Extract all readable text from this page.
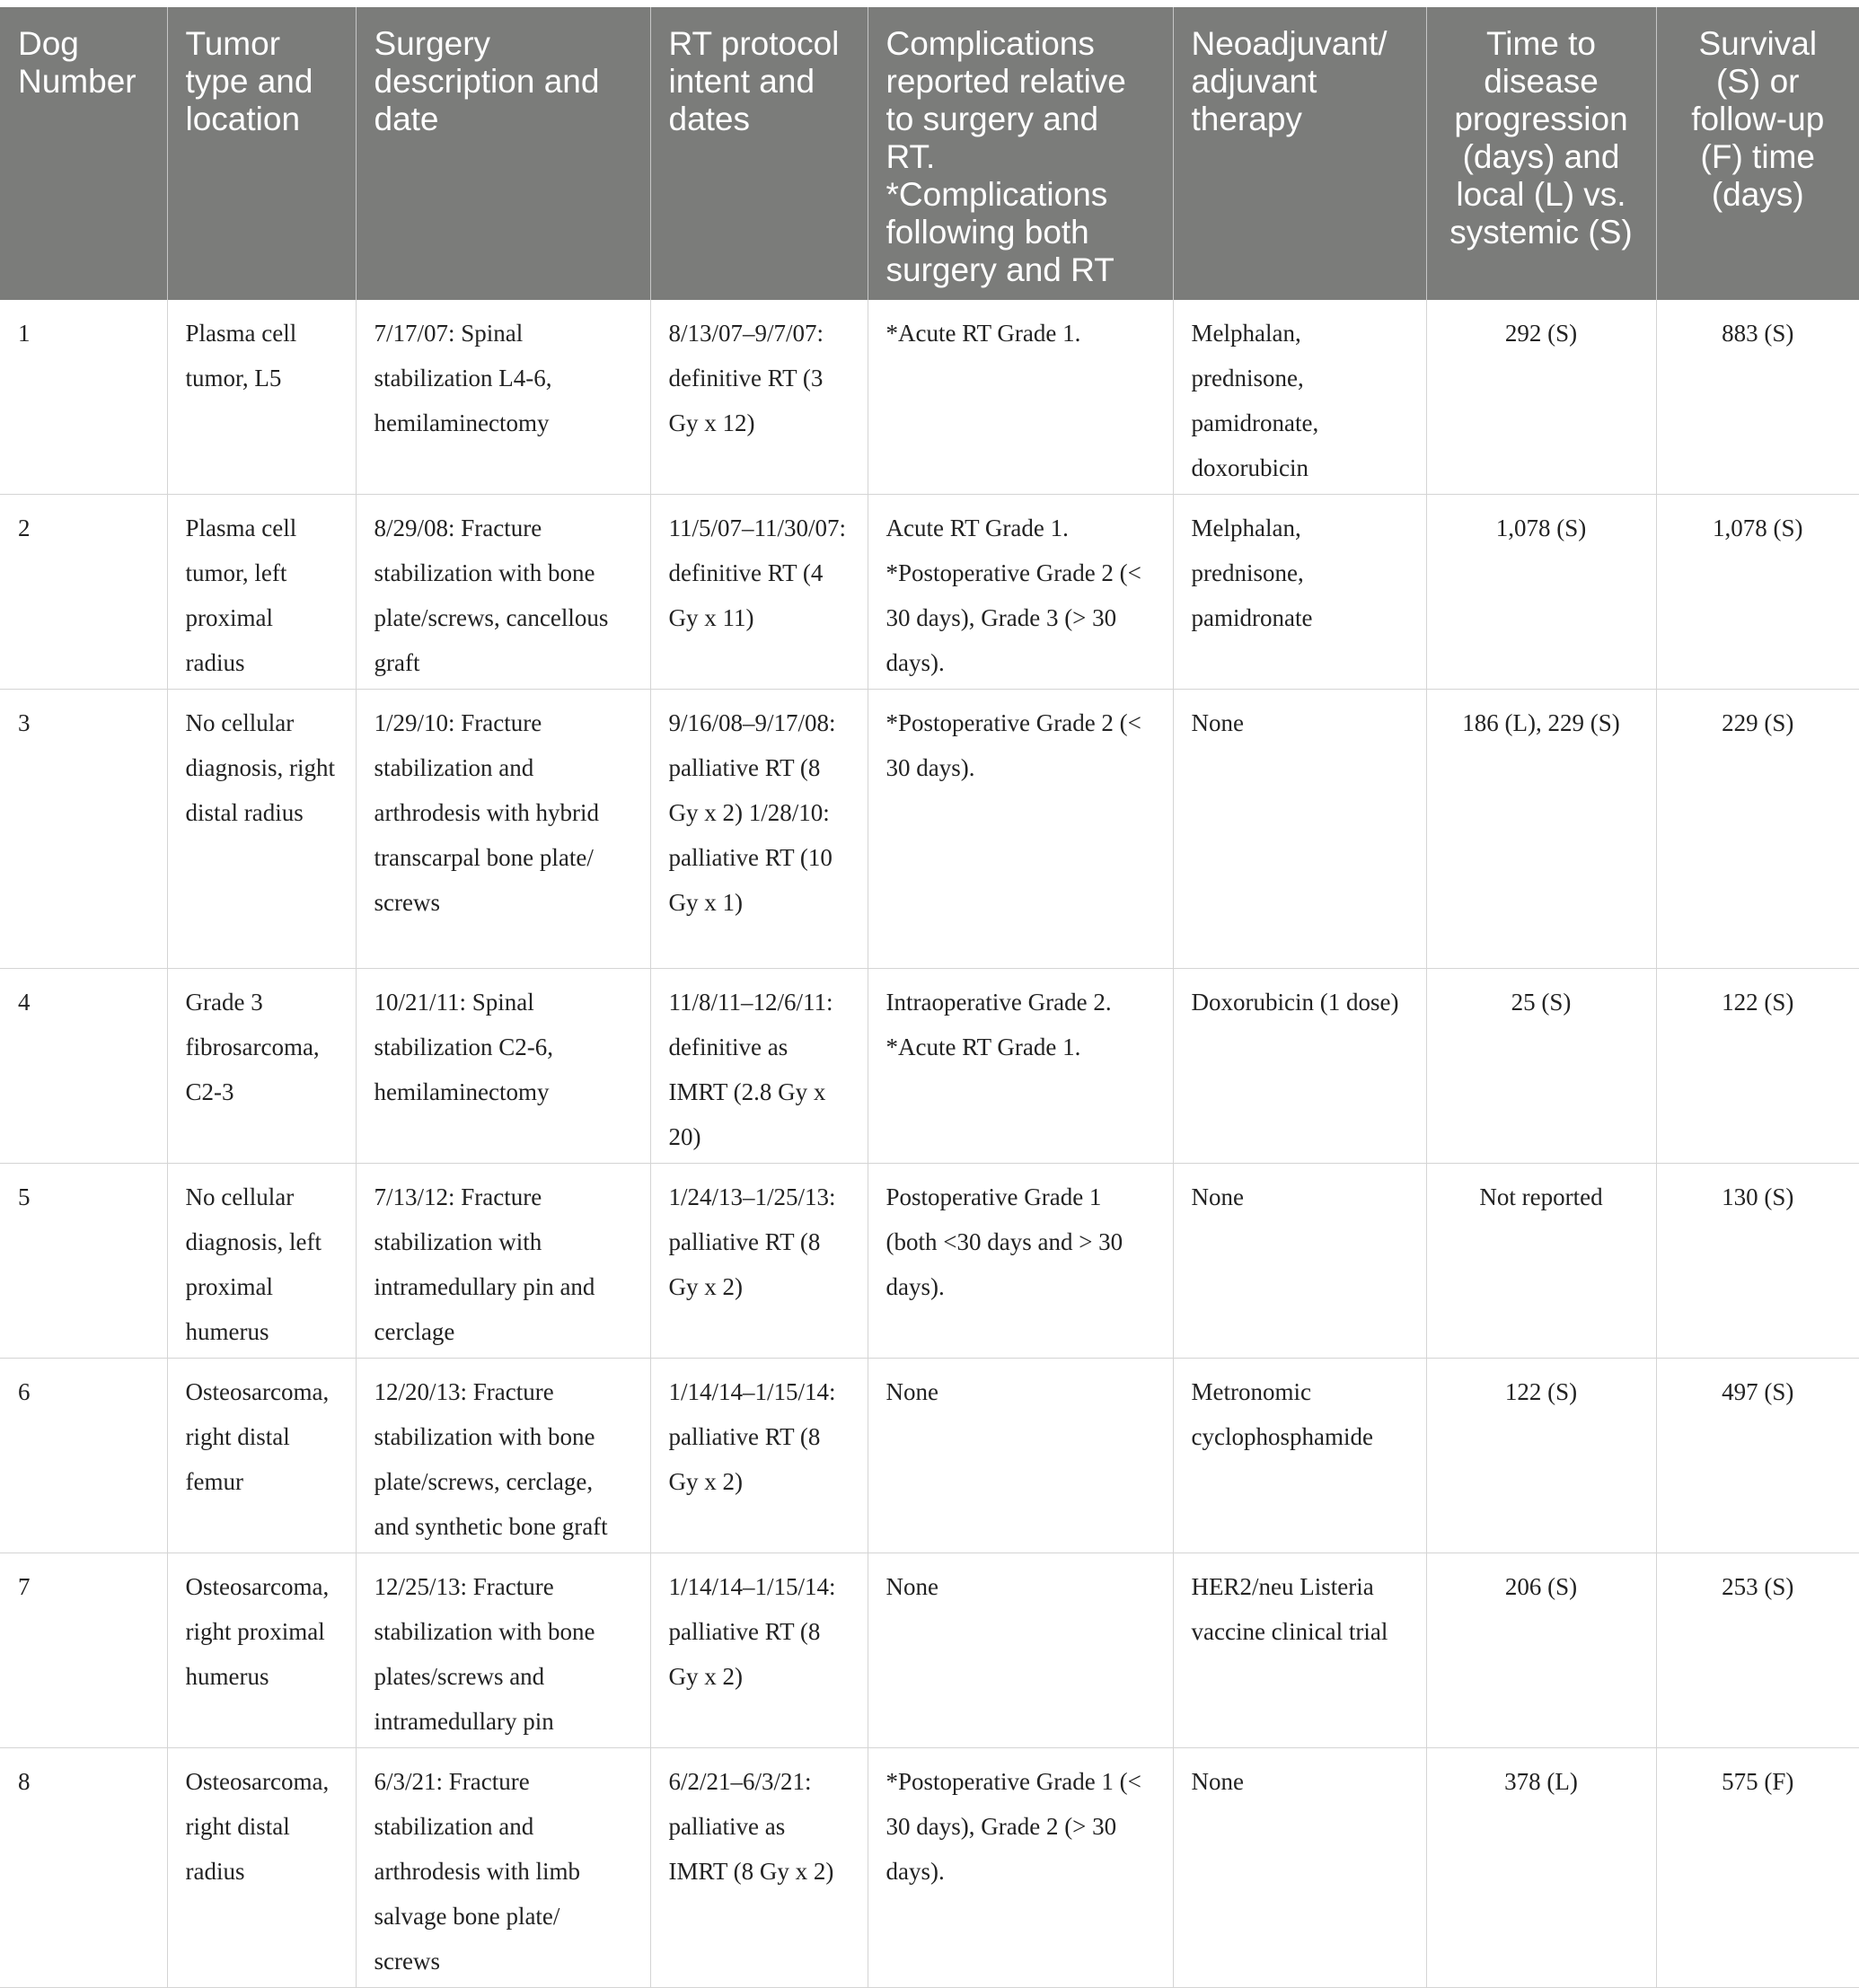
Dog Number	Tumor type and location	Surgery description and date	RT protocol intent and dates	Complications reported relative to surgery and RT. *Complications following both surgery and RT	Neoadjuvant/ adjuvant therapy	Time to disease progression (days) and local (L) vs. systemic (S)	Survival (S) or follow-up (F) time (days)
1	Plasma cell tumor, L5	7/17/07: Spinal stabilization L4-6, hemilaminectomy	8/13/07–9/7/07: definitive RT (3 Gy x 12)	*Acute RT Grade 1.	Melphalan, prednisone, pamidronate, doxorubicin	292 (S)	883 (S)
2	Plasma cell tumor, left proximal radius	8/29/08: Fracture stabilization with bone plate/screws, cancellous graft	11/5/07–11/30/07: definitive RT (4 Gy x 11)	Acute RT Grade 1. *Postoperative Grade 2 (< 30 days), Grade 3 (> 30 days).	Melphalan, prednisone, pamidronate	1,078 (S)	1,078 (S)
3	No cellular diagnosis, right distal radius	1/29/10: Fracture stabilization and arthrodesis with hybrid transcarpal bone plate/ screws	9/16/08–9/17/08: palliative RT (8 Gy x 2) 1/28/10: palliative RT (10 Gy x 1)	*Postoperative Grade 2 (< 30 days).	None	186 (L), 229 (S)	229 (S)
4	Grade 3 fibrosarcoma, C2-3	10/21/11: Spinal stabilization C2-6, hemilaminectomy	11/8/11–12/6/11: definitive as IMRT (2.8 Gy x 20)	Intraoperative Grade 2. *Acute RT Grade 1.	Doxorubicin (1 dose)	25 (S)	122 (S)
5	No cellular diagnosis, left proximal humerus	7/13/12: Fracture stabilization with intramedullary pin and cerclage	1/24/13–1/25/13: palliative RT (8 Gy x 2)	Postoperative Grade 1 (both <30 days and > 30 days).	None	Not reported	130 (S)
6	Osteosarcoma, right distal femur	12/20/13: Fracture stabilization with bone plate/screws, cerclage, and synthetic bone graft	1/14/14–1/15/14: palliative RT (8 Gy x 2)	None	Metronomic cyclophosphamide	122 (S)	497 (S)
7	Osteosarcoma, right proximal humerus	12/25/13: Fracture stabilization with bone plates/screws and intramedullary pin	1/14/14–1/15/14: palliative RT (8 Gy x 2)	None	HER2/neu Listeria vaccine clinical trial	206 (S)	253 (S)
8	Osteosarcoma, right distal radius	6/3/21: Fracture stabilization and arthrodesis with limb salvage bone plate/ screws	6/2/21–6/3/21: palliative as IMRT (8 Gy x 2)	*Postoperative Grade 1 (< 30 days), Grade 2 (> 30 days).	None	378 (L)	575 (F)
